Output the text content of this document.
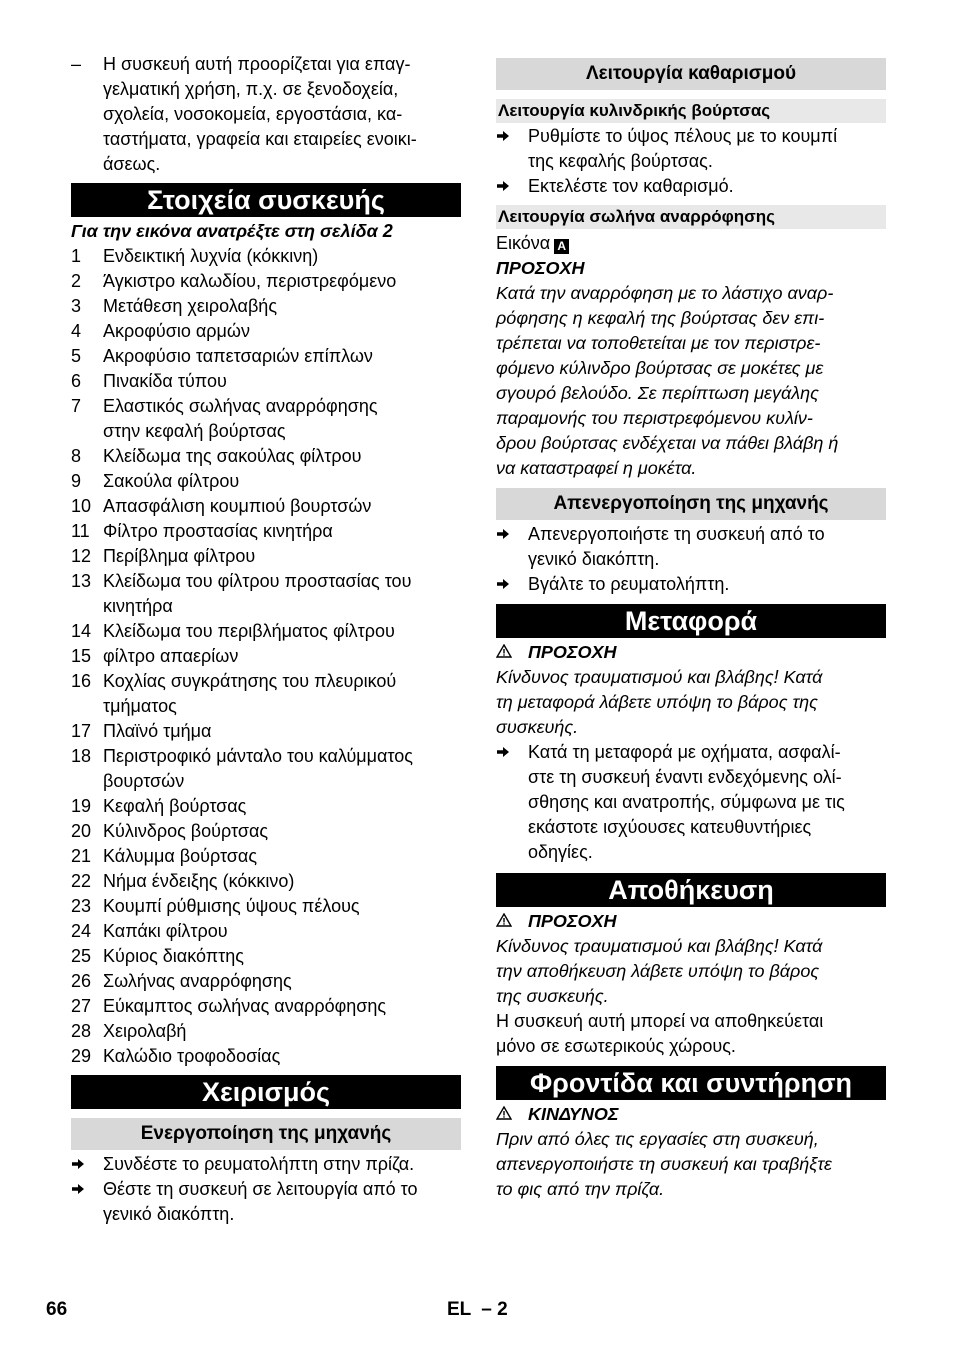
–	Η συσκευή αυτή προορίζεται για επαγ-

γελματική χρήση, π.χ. σε ξενοδοχεία,

σχολεία, νοσοκομεία, εργοστάσια, κα-

ταστήματα, γραφεία και εταιρείες ενοικι-

άσεως.

Στοιχεία συσκευής

Για την εικόνα ανατρέξτε στη σελίδα 2

1	Ενδεικτική λυχνία (κόκκινη)

2	Άγκιστρο καλωδίου, περιστρεφόμενο

3	Μετάθεση χειρολαβής

4	Ακροφύσιο αρμών

5	Ακροφύσιο ταπετσαριών επίπλων

6	Πινακίδα τύπου

7	Ελαστικός σωλήνας αναρρόφησης

στην κεφαλή βούρτσας

8	Κλείδωμα της σακούλας φίλτρου

9	Σακούλα φίλτρου

10 Απασφάλιση κουμπιού βουρτσών

11 Φίλτρο προστασίας κινητήρα

12 Περίβλημα φίλτρου

13 Κλείδωμα του φίλτρου προστασίας του

κινητήρα

14 Κλείδωμα του περιβλήματος φίλτρου

15 φίλτρο απαερίων

16 Κοχλίας συγκράτησης του πλευρικού

τμήματος

17 Πλαϊνό τμήμα

18 Περιστροφικό μάνταλο του καλύμματος

βουρτσών

19 Κεφαλή βούρτσας

20 Κύλινδρος βούρτσας

21 Κάλυμμα βούρτσας

22 Νήμα ένδειξης (κόκκινο)

23 Κουμπί ρύθμισης ύψους πέλους

24 Καπάκι φίλτρου

25 Κύριος διακόπτης

26 Σωλήνας αναρρόφησης

27 Εύκαμπτος σωλήνας αναρρόφησης

28 Χειρολαβή

29 Καλώδιο τροφοδοσίας

Χειρισμός
Ενεργοποίηση της μηχανής

Συνδέστε το ρευματολήπτη στην πρίζα.

Θέστε τη συσκευή σε λειτουργία από το

γενικό διακόπτη.

Λειτουργία καθαρισμού
Λειτουργία κυλινδρικής βούρτσας

Ρυθμίστε το ύψος πέλους με το κουμπί

της κεφαλής βούρτσας.

Εκτελέστε τον καθαρισμό.

Λειτουργία σωλήνα αναρρόφησης

Εικόνα A

ΠΡΟΣΟΧΗ

Κατά την αναρρόφηση με το λάστιχο αναρ-

ρόφησης η κεφαλή της βούρτσας δεν επι-

τρέπεται να τοποθετείται με τον περιστρε-

φόμενο κύλινδρο βούρτσας σε μοκέτες με

σγουρό βελούδο. Σε περίπτωση μεγάλης

παραμονής του περιστρεφόμενου κυλίν-

δρου βούρτσας ενδέχεται να πάθει βλάβη ή

να καταστραφεί η μοκέτα.

Απενεργοποίηση της μηχανής

Απενεργοποιήστε τη συσκευή από το

γενικό διακόπτη.

Βγάλτε το ρευματολήπτη.

Μεταφορά
ΠΡΟΣΟΧΗ

Κίνδυνος τραυματισμού και βλάβης! Κατά

τη μεταφορά λάβετε υπόψη το βάρος της

συσκευής.

Κατά τη μεταφορά με οχήματα, ασφαλί-

στε τη συσκευή έναντι ενδεχόμενης ολί-

σθησης και ανατροπής, σύμφωνα με τις

εκάστοτε ισχύουσες κατευθυντήριες

οδηγίες.

Αποθήκευση
ΠΡΟΣΟΧΗ

Κίνδυνος τραυματισμού και βλάβης! Κατά

την αποθήκευση λάβετε υπόψη το βάρος

της συσκευής.

Η συσκευή αυτή μπορεί να αποθηκεύεται

μόνο σε εσωτερικούς χώρους.

Φροντίδα και συντήρηση
ΚΙΝΔΥΝΟΣ

Πριν από όλες τις εργασίες στη συσκευή,

απενεργοποιήστε τη συσκευή και τραβήξτε

το φις από την πρίζα.

66	EL – 2
